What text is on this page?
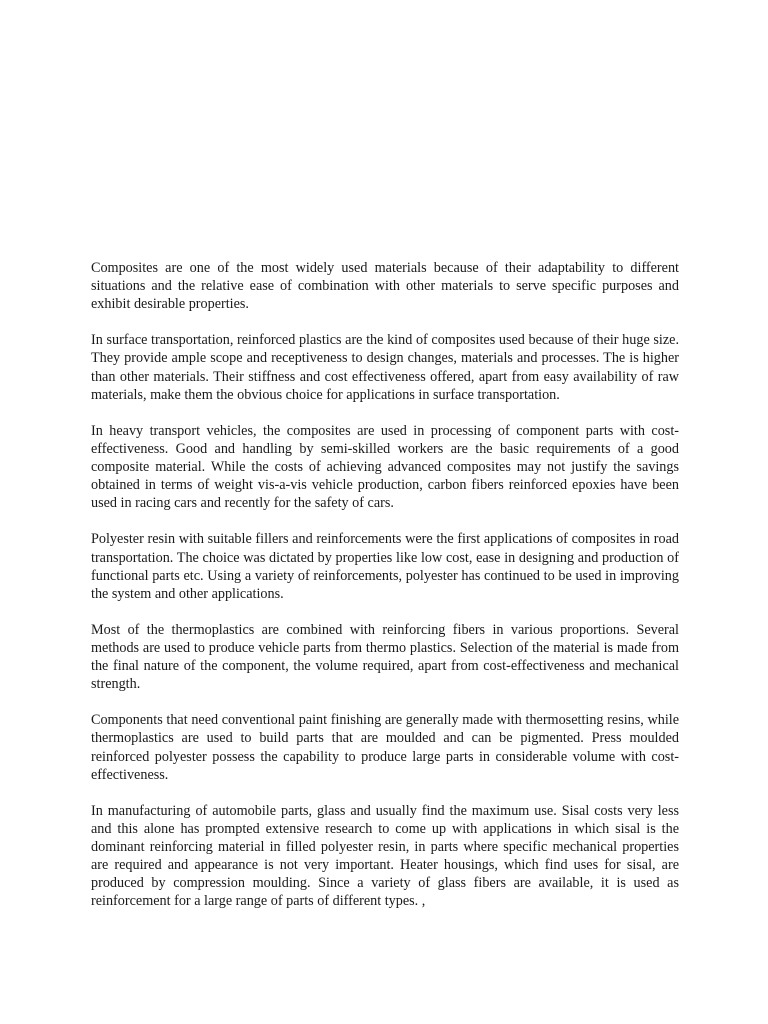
Composites are one of the most widely used materials because of their adaptability to different situations and the relative ease of combination with other materials to serve specific purposes and exhibit desirable properties.

In surface transportation, reinforced plastics are the kind of composites used because of their huge size. They provide ample scope and receptiveness to design changes, materials and processes. The is higher than other materials. Their stiffness and cost effectiveness offered, apart from easy availability of raw materials, make them the obvious choice for applications in surface transportation.

In heavy transport vehicles, the composites are used in processing of component parts with cost-effectiveness. Good and handling by semi-skilled workers are the basic requirements of a good composite material. While the costs of achieving advanced composites may not justify the savings obtained in terms of weight vis-a-vis vehicle production, carbon fibers reinforced epoxies have been used in racing cars and recently for the safety of cars.

Polyester resin with suitable fillers and reinforcements were the first applications of composites in road transportation. The choice was dictated by properties like low cost, ease in designing and production of functional parts etc. Using a variety of reinforcements, polyester has continued to be used in improving the system and other applications.

Most of the thermoplastics are combined with reinforcing fibers in various proportions. Several methods are used to produce vehicle parts from thermo plastics. Selection of the material is made from the final nature of the component, the volume required, apart from cost-effectiveness and mechanical strength.

Components that need conventional paint finishing are generally made with thermosetting resins, while thermoplastics are used to build parts that are moulded and can be pigmented. Press moulded reinforced polyester possess the capability to produce large parts in considerable volume with cost-effectiveness.

In manufacturing of automobile parts, glass and usually find the maximum use. Sisal costs very less and this alone has prompted extensive research to come up with applications in which sisal is the dominant reinforcing material in filled polyester resin, in parts where specific mechanical properties are required and appearance is not very important. Heater housings, which find uses for sisal, are produced by compression moulding. Since a variety of glass fibers are available, it is used as reinforcement for a large range of parts of different types. ,
